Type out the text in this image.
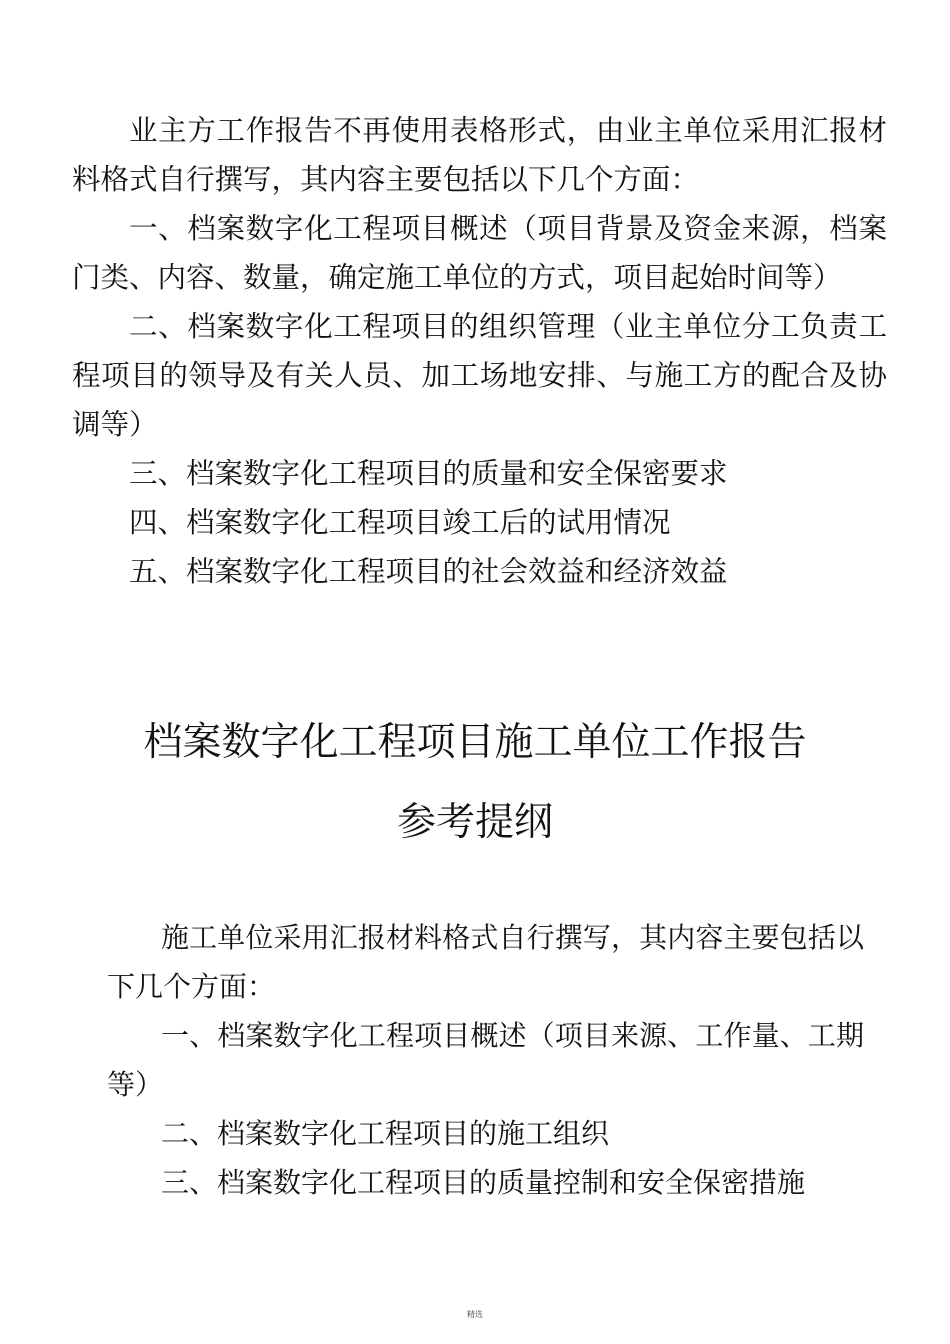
业主方工作报告不再使用表格形式，由业主单位采用汇报材料格式自行撰写，其内容主要包括以下几个方面：

一、档案数字化工程项目概述（项目背景及资金来源，档案门类、内容、数量，确定施工单位的方式，项目起始时间等）

二、档案数字化工程项目的组织管理（业主单位分工负责工程项目的领导及有关人员、加工场地安排、与施工方的配合及协调等）

三、档案数字化工程项目的质量和安全保密要求

四、档案数字化工程项目竣工后的试用情况

五、档案数字化工程项目的社会效益和经济效益

档案数字化工程项目施工单位工作报告
参考提纲

施工单位采用汇报材料格式自行撰写，其内容主要包括以下几个方面：

一、档案数字化工程项目概述（项目来源、工作量、工期等）

二、档案数字化工程项目的施工组织

三、档案数字化工程项目的质量控制和安全保密措施

精选
